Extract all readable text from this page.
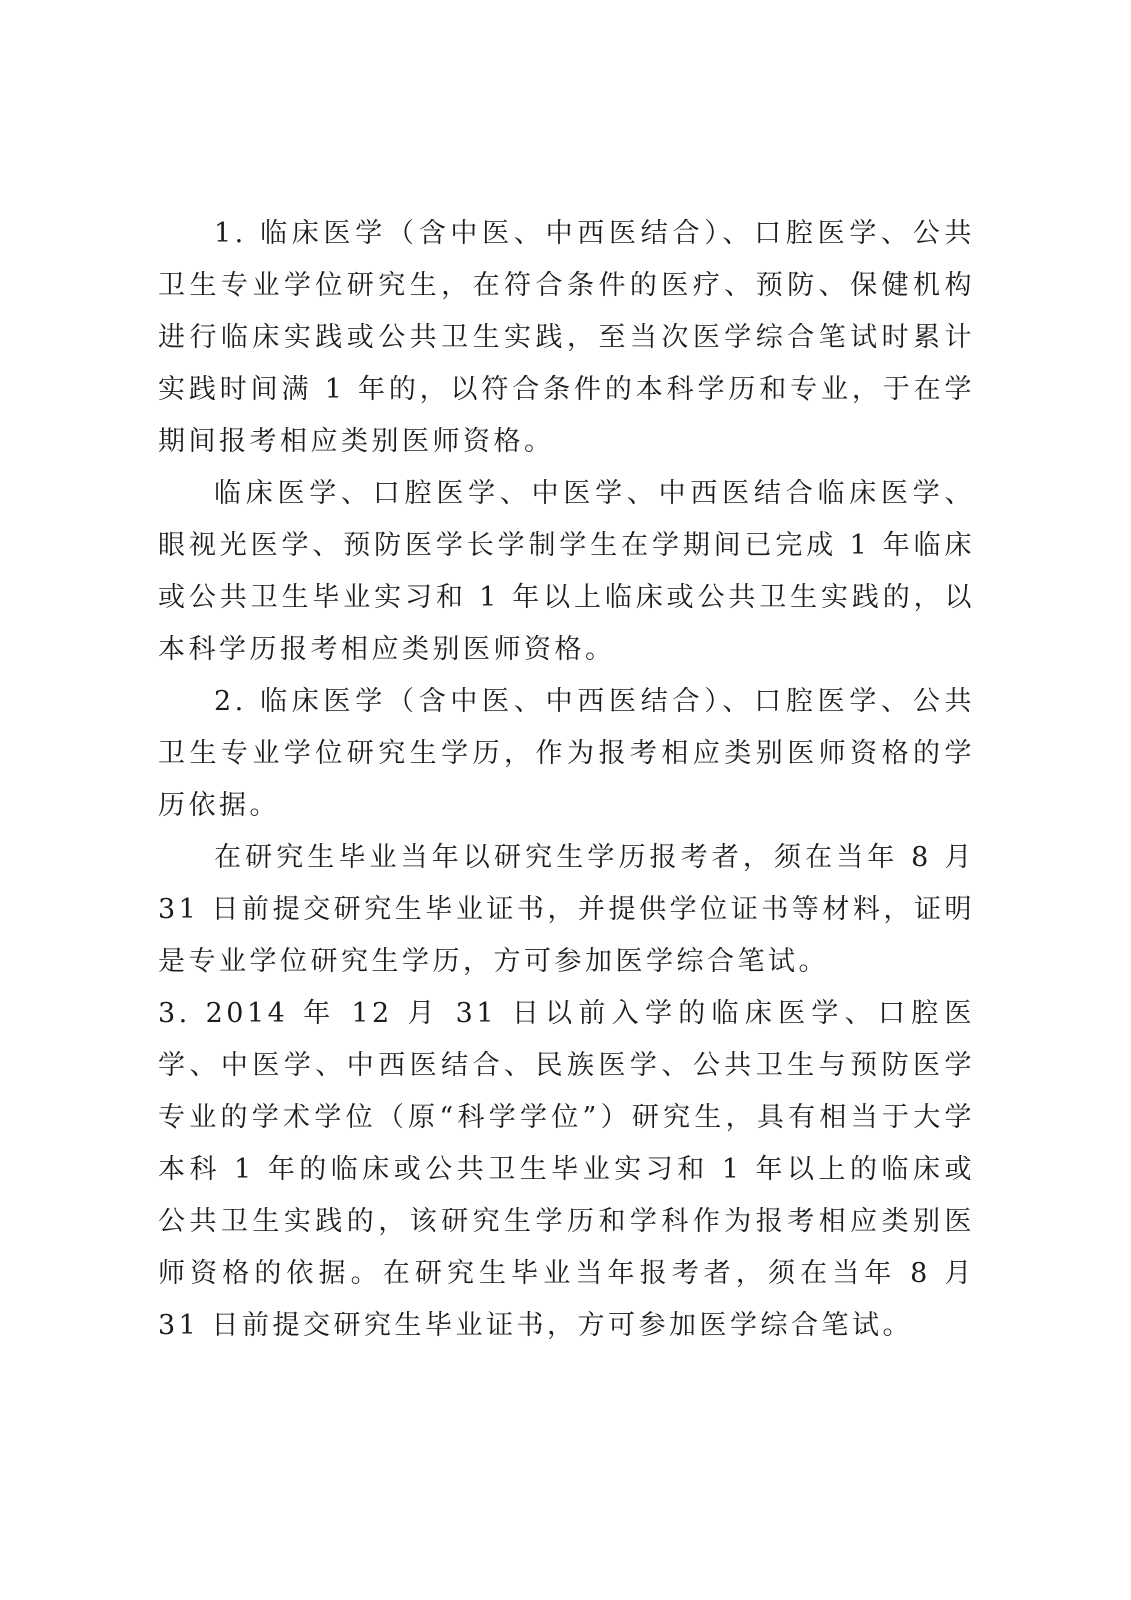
1. 临床医学（含中医、中西医结合）、口腔医学、公共卫生专业学位研究生，在符合条件的医疗、预防、保健机构进行临床实践或公共卫生实践，至当次医学综合笔试时累计实践时间满 1 年的，以符合条件的本科学历和专业，于在学期间报考相应类别医师资格。

临床医学、口腔医学、中医学、中西医结合临床医学、眼视光医学、预防医学长学制学生在学期间已完成 1 年临床或公共卫生毕业实习和 1 年以上临床或公共卫生实践的，以本科学历报考相应类别医师资格。

2. 临床医学（含中医、中西医结合）、口腔医学、公共卫生专业学位研究生学历，作为报考相应类别医师资格的学历依据。

在研究生毕业当年以研究生学历报考者，须在当年 8 月 31 日前提交研究生毕业证书，并提供学位证书等材料，证明是专业学位研究生学历，方可参加医学综合笔试。

3. 2014 年 12 月 31 日以前入学的临床医学、口腔医学、中医学、中西医结合、民族医学、公共卫生与预防医学专业的学术学位（原“科学学位”）研究生，具有相当于大学本科 1 年的临床或公共卫生毕业实习和 1 年以上的临床或公共卫生实践的，该研究生学历和学科作为报考相应类别医师资格的依据。在研究生毕业当年报考者，须在当年 8 月 31 日前提交研究生毕业证书，方可参加医学综合笔试。
